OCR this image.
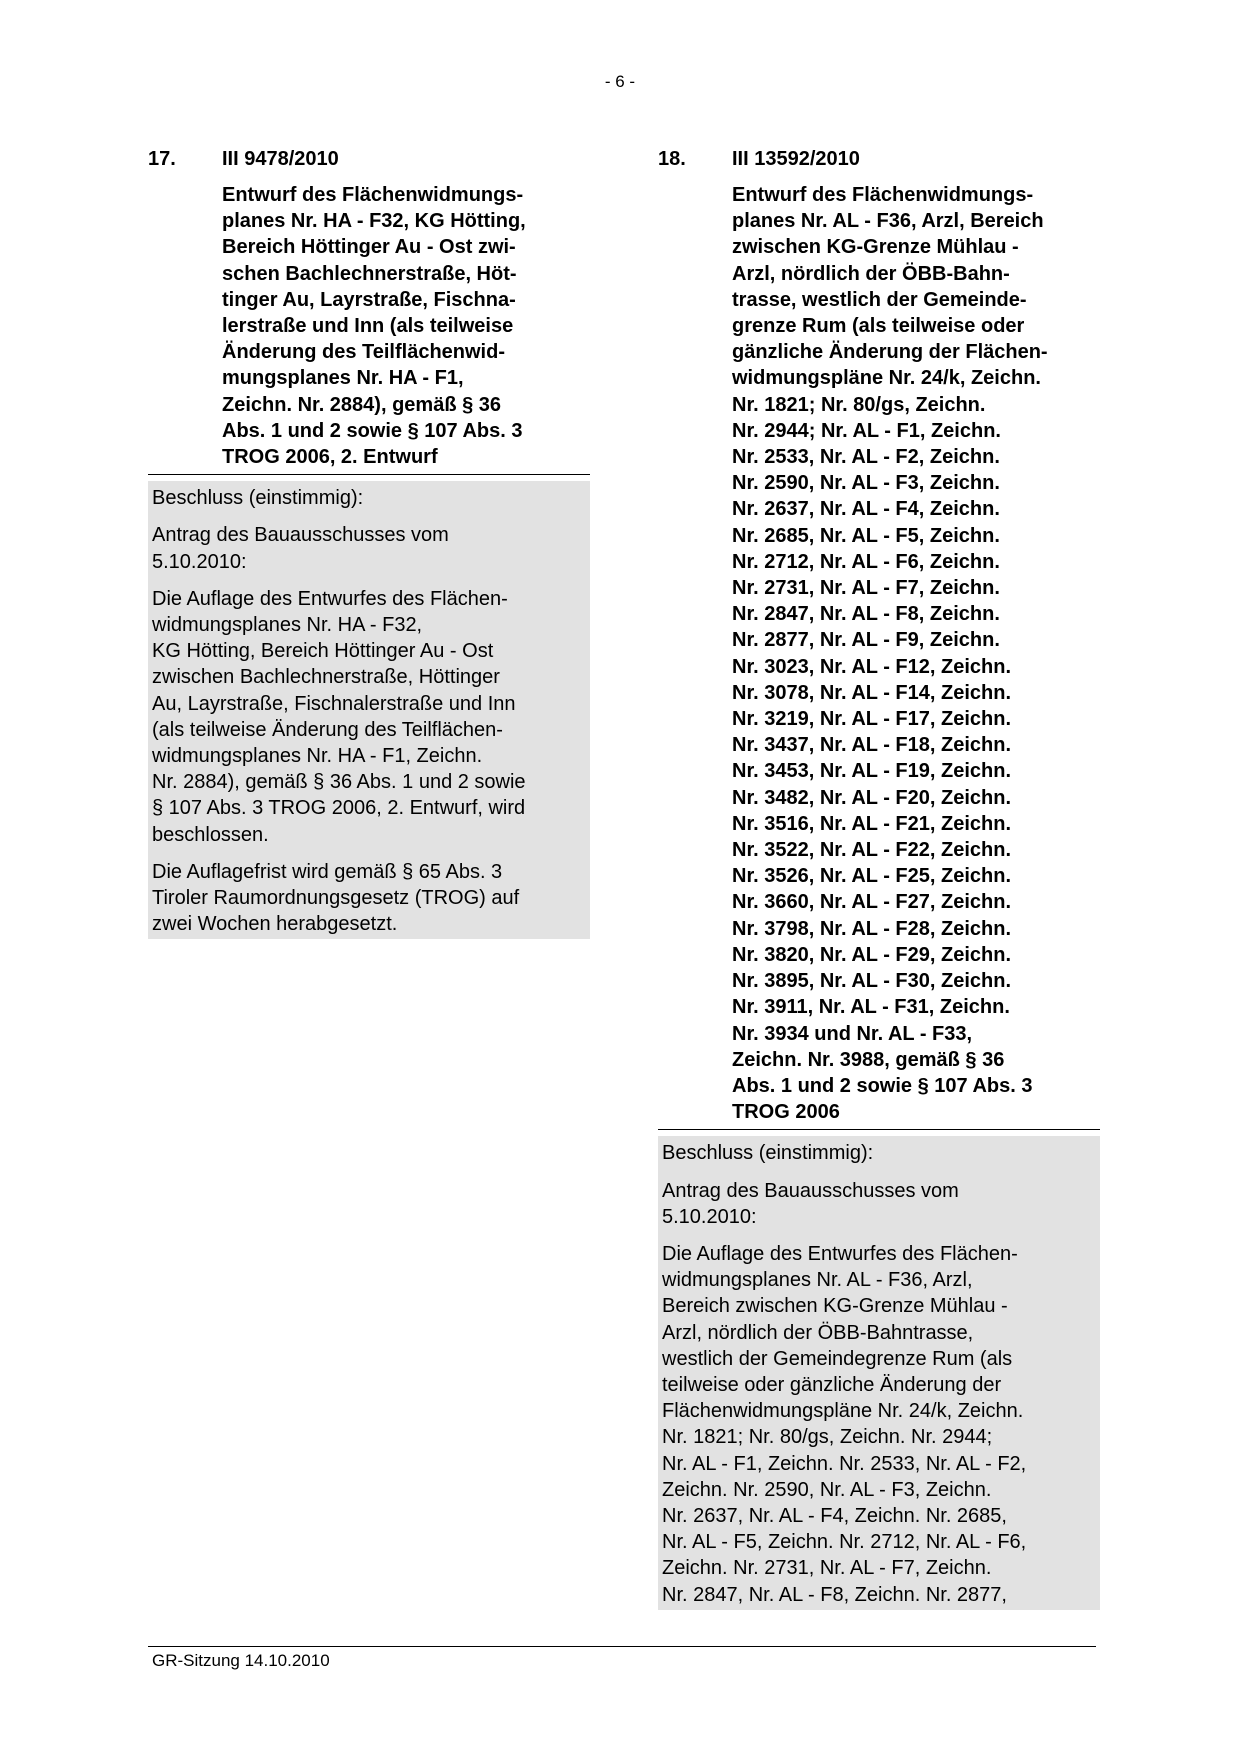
- 6 -
17. III 9478/2010
Entwurf des Flächenwidmungs-
planes Nr. HA - F32, KG Hötting,
Bereich Höttinger Au - Ost zwi-
schen Bachlechnerstraße, Höt-
tinger Au, Layrstraße, Fischna-
lerstraße und Inn (als teilweise
Änderung des Teilflächenwid-
mungsplanes Nr. HA - F1,
Zeichn. Nr. 2884), gemäß § 36
Abs. 1 und 2 sowie § 107 Abs. 3
TROG 2006, 2. Entwurf

Beschluss (einstimmig):

Antrag des Bauausschusses vom
5.10.2010:

Die Auflage des Entwurfes des Flächen-
widmungsplanes Nr. HA - F32,
KG Hötting, Bereich Höttinger Au - Ost
zwischen Bachlechnerstraße, Höttinger
Au, Layrstraße, Fischnalerstraße und Inn
(als teilweise Änderung des Teilflächen-
widmungsplanes Nr. HA - F1, Zeichn.
Nr. 2884), gemäß § 36 Abs. 1 und 2 sowie
§ 107 Abs. 3 TROG 2006, 2. Entwurf, wird
beschlossen.

Die Auflagefrist wird gemäß § 65 Abs. 3
Tiroler Raumordnungsgesetz (TROG) auf
zwei Wochen herabgesetzt.

18. III 13592/2010
Entwurf des Flächenwidmungs-
planes Nr. AL - F36, Arzl, Bereich
zwischen KG-Grenze Mühlau -
Arzl, nördlich der ÖBB-Bahn-
trasse, westlich der Gemeinde-
grenze Rum (als teilweise oder
gänzliche Änderung der Flächen-
widmungspläne Nr. 24/k, Zeichn.
Nr. 1821; Nr. 80/gs, Zeichn.
Nr. 2944; Nr. AL - F1, Zeichn.
Nr. 2533, Nr. AL - F2, Zeichn.
Nr. 2590, Nr. AL - F3, Zeichn.
Nr. 2637, Nr. AL - F4, Zeichn.
Nr. 2685, Nr. AL - F5, Zeichn.
Nr. 2712, Nr. AL - F6, Zeichn.
Nr. 2731, Nr. AL - F7, Zeichn.
Nr. 2847, Nr. AL - F8, Zeichn.
Nr. 2877, Nr. AL - F9, Zeichn.
Nr. 3023, Nr. AL - F12, Zeichn.
Nr. 3078, Nr. AL - F14, Zeichn.
Nr. 3219, Nr. AL - F17, Zeichn.
Nr. 3437, Nr. AL - F18, Zeichn.
Nr. 3453, Nr. AL - F19, Zeichn.
Nr. 3482, Nr. AL - F20, Zeichn.
Nr. 3516, Nr. AL - F21, Zeichn.
Nr. 3522, Nr. AL - F22, Zeichn.
Nr. 3526, Nr. AL - F25, Zeichn.
Nr. 3660, Nr. AL - F27, Zeichn.
Nr. 3798, Nr. AL - F28, Zeichn.
Nr. 3820, Nr. AL - F29, Zeichn.
Nr. 3895, Nr. AL - F30, Zeichn.
Nr. 3911, Nr. AL - F31, Zeichn.
Nr. 3934 und Nr. AL - F33,
Zeichn. Nr. 3988, gemäß § 36
Abs. 1 und 2 sowie § 107 Abs. 3
TROG 2006

Beschluss (einstimmig):

Antrag des Bauausschusses vom
5.10.2010:

Die Auflage des Entwurfes des Flächen-
widmungsplanes Nr. AL - F36, Arzl,
Bereich zwischen KG-Grenze Mühlau -
Arzl, nördlich der ÖBB-Bahntrasse,
westlich der Gemeindegrenze Rum (als
teilweise oder gänzliche Änderung der
Flächenwidmungspläne Nr. 24/k, Zeichn.
Nr. 1821; Nr. 80/gs, Zeichn. Nr. 2944;
Nr. AL - F1, Zeichn. Nr. 2533, Nr. AL - F2,
Zeichn. Nr. 2590, Nr. AL - F3, Zeichn.
Nr. 2637, Nr. AL - F4, Zeichn. Nr. 2685,
Nr. AL - F5, Zeichn. Nr. 2712, Nr. AL - F6,
Zeichn. Nr. 2731, Nr. AL - F7, Zeichn.
Nr. 2847, Nr. AL - F8, Zeichn. Nr. 2877,

GR-Sitzung 14.10.2010
